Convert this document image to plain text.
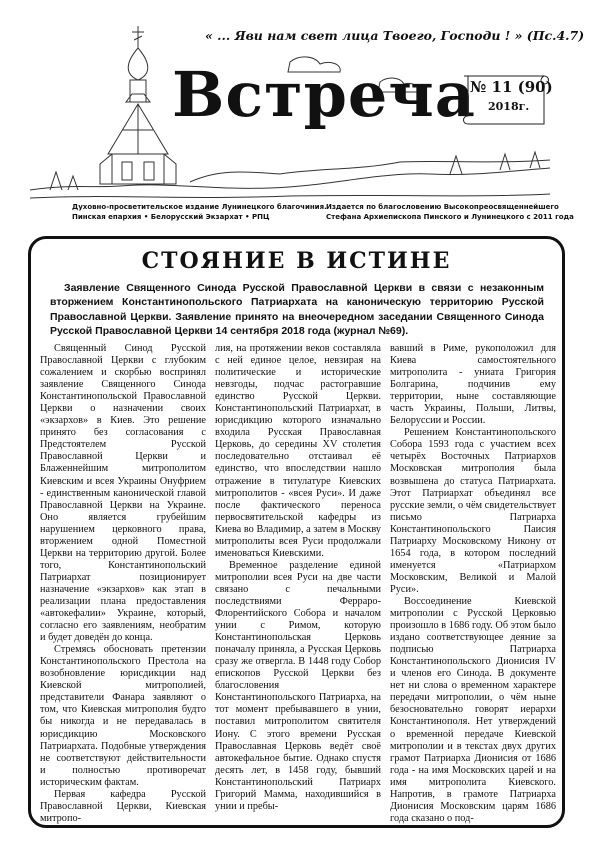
« ... Яви нам свет лица Твоего, Господи ! » (Пс.4.7)
Встреча
№ 11 (90)
2018г.
Духовно-просветительское издание Лунинецкого благочиния.
Пинская епархия • Белорусский Экзархат • РПЦ
Издается по благословению Высокопреосвященнейшего
Стефана Архиепископа Пинского и Лунинецкого с 2011 года
СТОЯНИЕ В ИСТИНЕ
Заявление Священного Синода Русской Православной Церкви в связи с незаконным вторжением Константинопольского Патриархата на каноническую территорию Русской Православной Церкви. Заявление принято на внеочередном заседании Священного Синода Русской Православной Церкви 14 сентября 2018 года (журнал №69).

Священный Синод Русской Православной Церкви с глубоким сожалением и скорбью воспринял заявление Священного Синода Константинопольской Православной Церкви о назначении своих «экзархов» в Киев. Это решение принято без согласования с Предстоятелем Русской Православной Церкви и Блаженнейшим митрополитом Киевским и всея Украины Онуфрием - единственным канонической главой Православной Церкви на Украине. Оно является грубейшим нарушением церковного права, вторжением одной Поместной Церкви на территорию другой. Более того, Константинопольский Патриархат позиционирует назначение «экзархов» как этап в реализации плана предоставления «автокефалии» Украине, который, согласно его заявлениям, необратим и будет доведён до конца.

Стремясь обосновать претензии Константинопольского Престола на возобновление юрисдикции над Киевской митрополией, представители Фанара заявляют о том, что Киевская митрополия будто бы никогда и не передавалась в юрисдикцию Московского Патриархата. Подобные утверждения не соответствуют действительности и полностью противоречат историческим фактам.

Первая кафедра Русской Православной Церкви, Киевская митропо-

лия, на протяжении веков составляла с ней единое целое, невзирая на политические и исторические невзгоды, подчас растогравшие единство Русской Церкви. Константинопольский Патриархат, в юрисдикцию которого изначально входила Русская Православная Церковь, до середины XV столетия последовательно отстаивал её единство, что впоследствии нашло отражение в титулатуре Киевских митрополитов - «всея Руси». И даже после фактического переноса первосвятительской кафедры из Киева во Владимир, а затем в Москву митрополиты всея Руси продолжали именоваться Киевскими.

Временное разделение единой митрополии всея Руси на две части связано с печальными последствиями Ферраро-Флорентийского Собора и началом унии с Римом, которую Константинопольская Церковь поначалу приняла, а Русская Церковь сразу же отвергла. В 1448 году Собор епископов Русской Церкви без благословения Константинопольского Патриарха, на тот момент пребывавшего в унии, поставил митрополитом святителя Иону. С этого времени Русская Православная Церковь ведёт своё автокефальное бытие. Однако спустя десять лет, в 1458 году, бывший Константинопольский Патриарх Григорий Мамма, находившийся в унии и пребы-

вавший в Риме, рукоположил для Киева самостоятельного митрополита - униата Григория Болгарина, подчинив ему территории, ныне составляющие часть Украины, Польши, Литвы, Белоруссии и России.

Решением Константинопольского Собора 1593 года с участием всех четырёх Восточных Патриархов Московская митрополия была возвышена до статуса Патриархата. Этот Патриархат объединял все русские земли, о чём свидетельствует письмо Патриарха Константинопольского Паисия Патриарху Московскому Никону от 1654 года, в котором последний именуется «Патриархом Московским, Великой и Малой Руси».

Воссоединение Киевской митрополии с Русской Церковью произошло в 1686 году. Об этом было издано соответствующее деяние за подписью Патриарха Константинопольского Дионисия IV и членов его Синода. В документе нет ни слова о временном характере передачи митрополии, о чём ныне безосновательно говорят иерархи Константинополя. Нет утверждений о временной передаче Киевской митрополии и в текстах двух других грамот Патриарха Дионисия от 1686 года - на имя Московских царей и на имя митрополита Киевского. Напротив, в грамоте Патриарха Дионисия Московским царям 1686 года сказано о под-
